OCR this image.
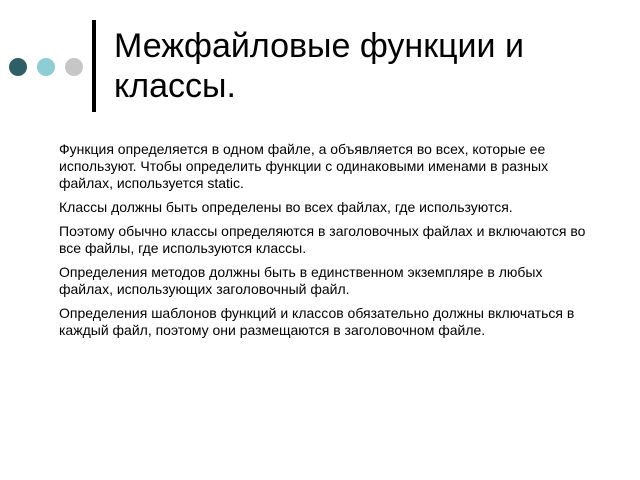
Межфайловые функции и классы.
Функция определяется в одном файле, а объявляется во всех, которые ее используют. Чтобы определить функции с одинаковыми именами в разных файлах, используется static.
Классы должны быть определены во всех файлах, где используются.
Поэтому обычно классы определяются в заголовочных файлах и включаются во все файлы, где используются классы.
Определения методов должны быть в единственном экземпляре в любых файлах, использующих заголовочный файл.
Определения шаблонов функций и классов обязательно должны включаться в каждый файл, поэтому они размещаются в заголовочном файле.
